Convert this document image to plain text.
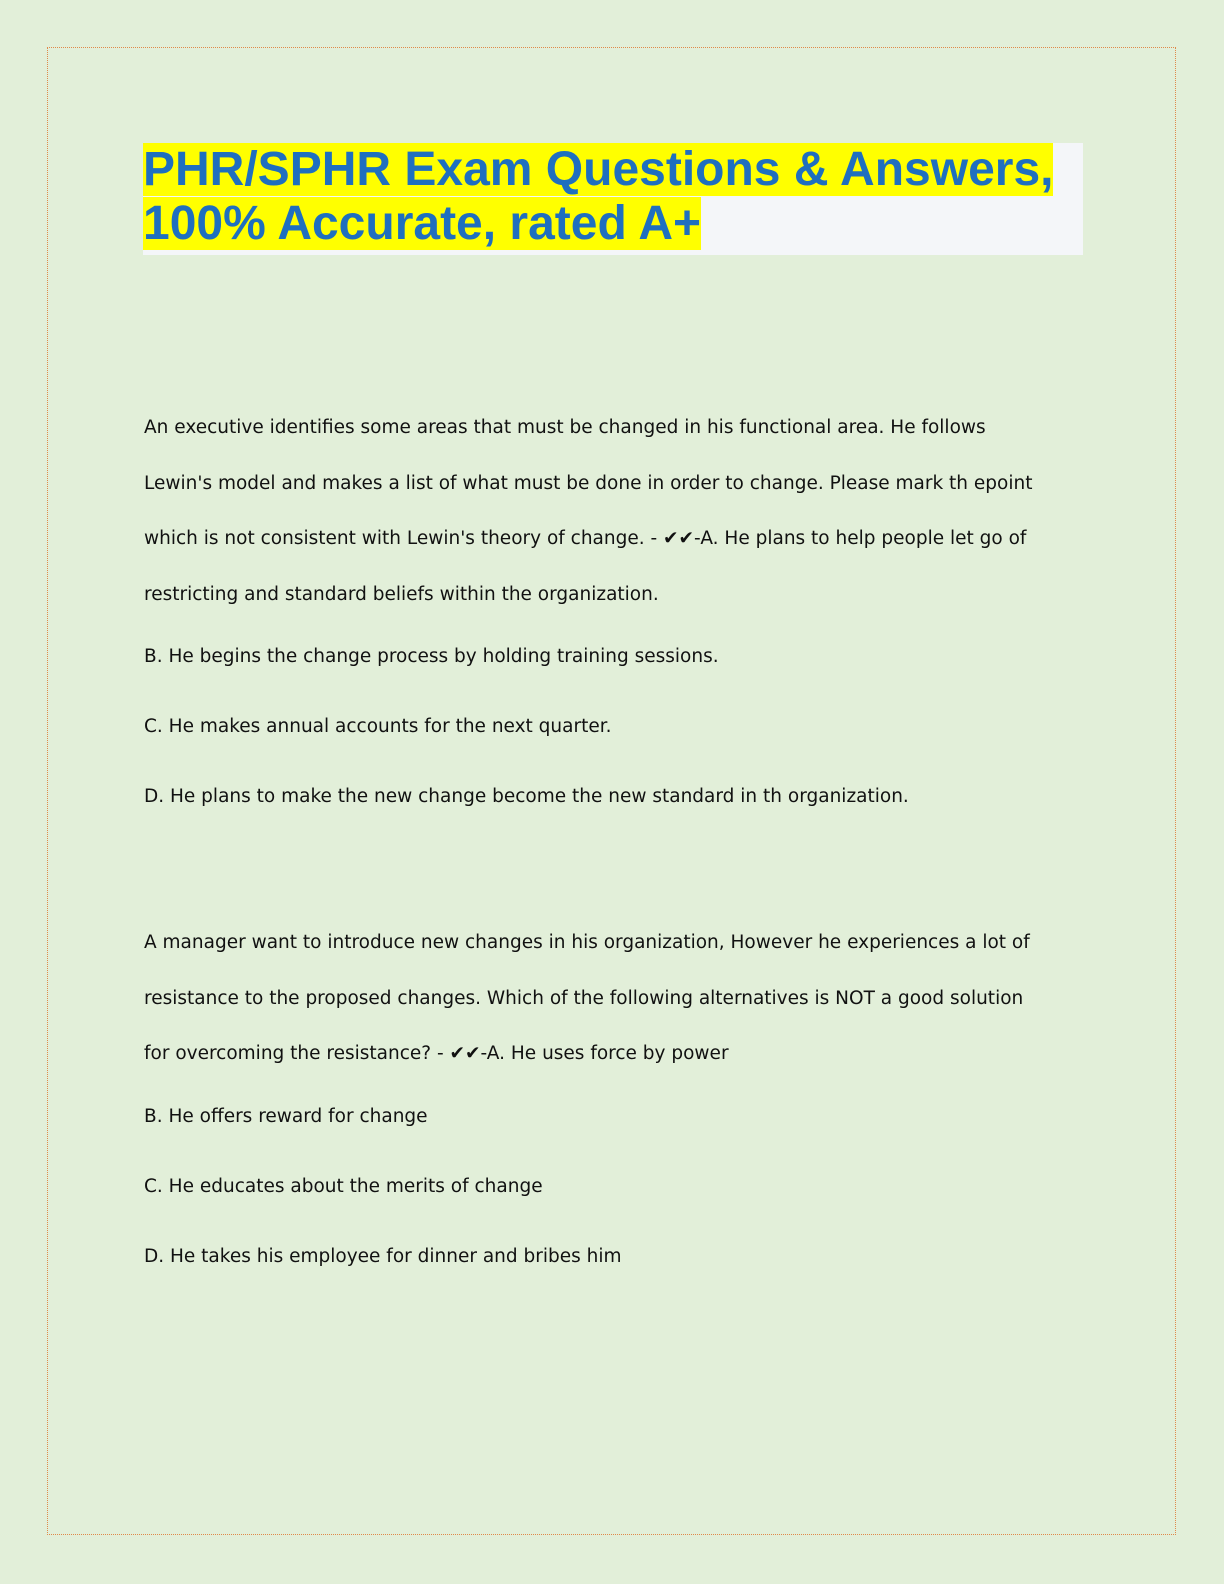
PHR/SPHR Exam Questions & Answers,
100% Accurate, rated A+

An executive identifies some areas that must be changed in his functional area. He follows Lewin's model and makes a list of what must be done in order to change. Please mark th epoint which is not consistent with Lewin's theory of change. - ✔✔-A. He plans to help people let go of restricting and standard beliefs within the organization.

B. He begins the change process by holding training sessions.

C. He makes annual accounts for the next quarter.

D. He plans to make the new change become the new standard in th organization.

A manager want to introduce new changes in his organization, However he experiences a lot of resistance to the proposed changes. Which of the following alternatives is NOT a good solution for overcoming the resistance? - ✔✔-A. He uses force by power

B. He offers reward for change

C. He educates about the merits of change

D. He takes his employee for dinner and bribes him
